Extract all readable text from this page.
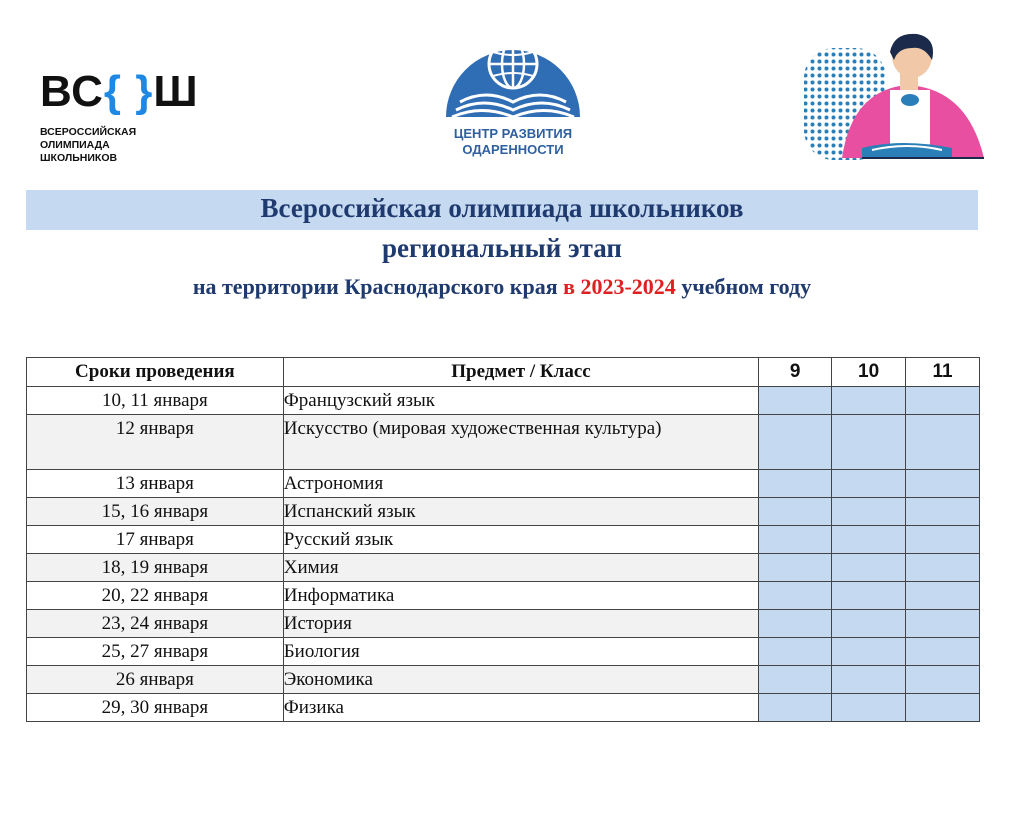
ВС { } Ш
ВСЕРОССИЙСКАЯ
ОЛИМПИАДА
ШКОЛЬНИКОВ
ЦЕНТР РАЗВИТИЯ
ОДАРЕННОСТИ
Всероссийская олимпиада школьников
региональный этап
на территории Краснодарского края в 2023-2024 учебном году
Сроки проведения	Предмет / Класс	9	10	11
10, 11 января	Французский язык			
12 января	Искусство (мировая художественная культура)			
13 января	Астрономия			
15, 16 января	Испанский язык			
17 января	Русский язык			
18, 19 января	Химия			
20, 22 января	Информатика			
23, 24 января	История			
25, 27 января	Биология			
26 января	Экономика			
29, 30 января	Физика			
